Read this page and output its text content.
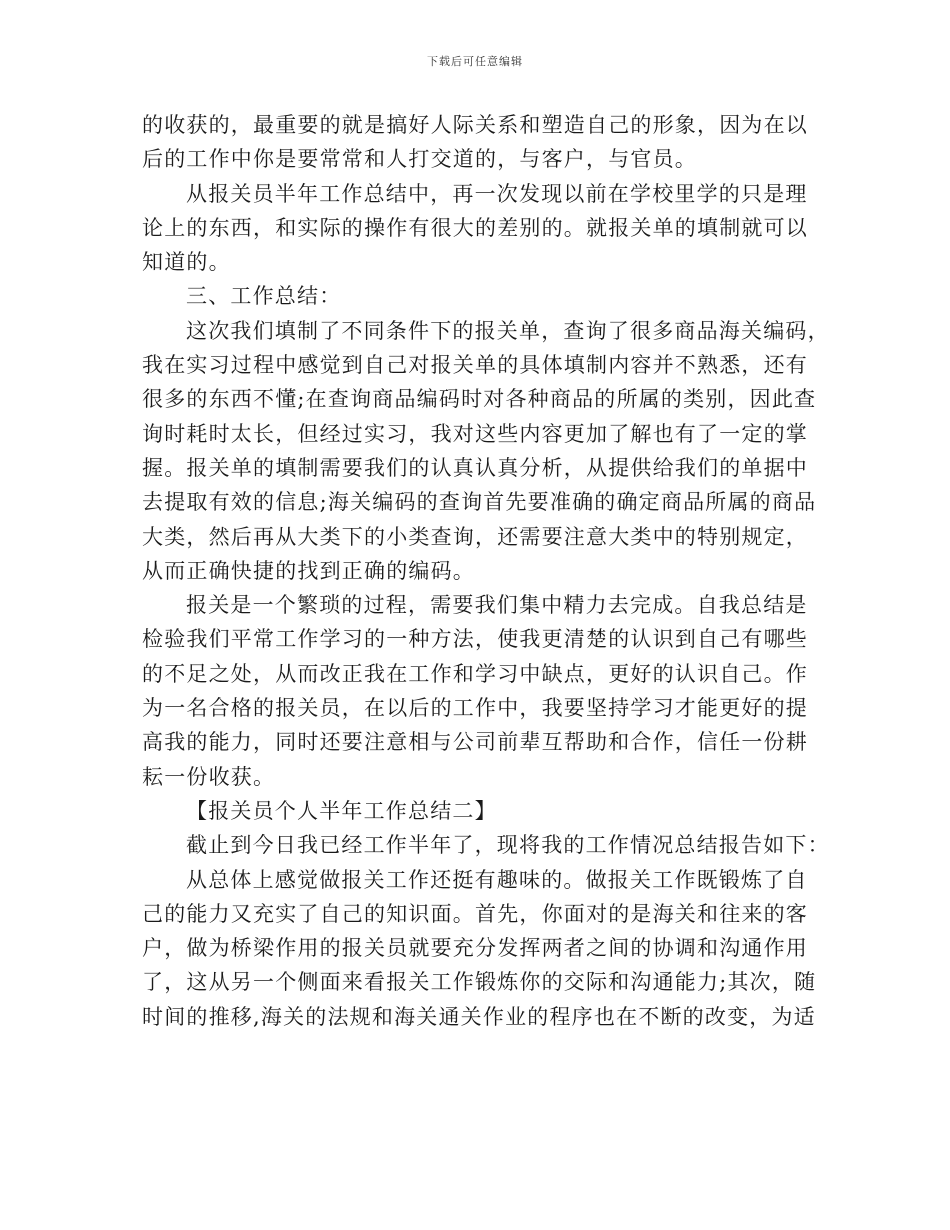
下载后可任意编辑
的收获的，最重要的就是搞好人际关系和塑造自己的形象，因为在以
后的工作中你是要常常和人打交道的，与客户，与官员。
从报关员半年工作总结中，再一次发现以前在学校里学的只是理
论上的东西，和实际的操作有很大的差别的。就报关单的填制就可以
知道的。
三、工作总结：
这次我们填制了不同条件下的报关单，查询了很多商品海关编码，
我在实习过程中感觉到自己对报关单的具体填制内容并不熟悉，还有
很多的东西不懂;在查询商品编码时对各种商品的所属的类别，因此查
询时耗时太长，但经过实习，我对这些内容更加了解也有了一定的掌
握。报关单的填制需要我们的认真认真分析，从提供给我们的单据中
去提取有效的信息;海关编码的查询首先要准确的确定商品所属的商品
大类，然后再从大类下的小类查询，还需要注意大类中的特别规定，
从而正确快捷的找到正确的编码。
报关是一个繁琐的过程，需要我们集中精力去完成。自我总结是
检验我们平常工作学习的一种方法，使我更清楚的认识到自己有哪些
的不足之处，从而改正我在工作和学习中缺点，更好的认识自己。作
为一名合格的报关员，在以后的工作中，我要坚持学习才能更好的提
高我的能力，同时还要注意相与公司前辈互帮助和合作，信任一份耕
耘一份收获。
【报关员个人半年工作总结二】
截止到今日我已经工作半年了，现将我的工作情况总结报告如下：
从总体上感觉做报关工作还挺有趣味的。做报关工作既锻炼了自
己的能力又充实了自己的知识面。首先，你面对的是海关和往来的客
户，做为桥梁作用的报关员就要充分发挥两者之间的协调和沟通作用
了，这从另一个侧面来看报关工作锻炼你的交际和沟通能力;其次，随
时间的推移,海关的法规和海关通关作业的程序也在不断的改变，为适
